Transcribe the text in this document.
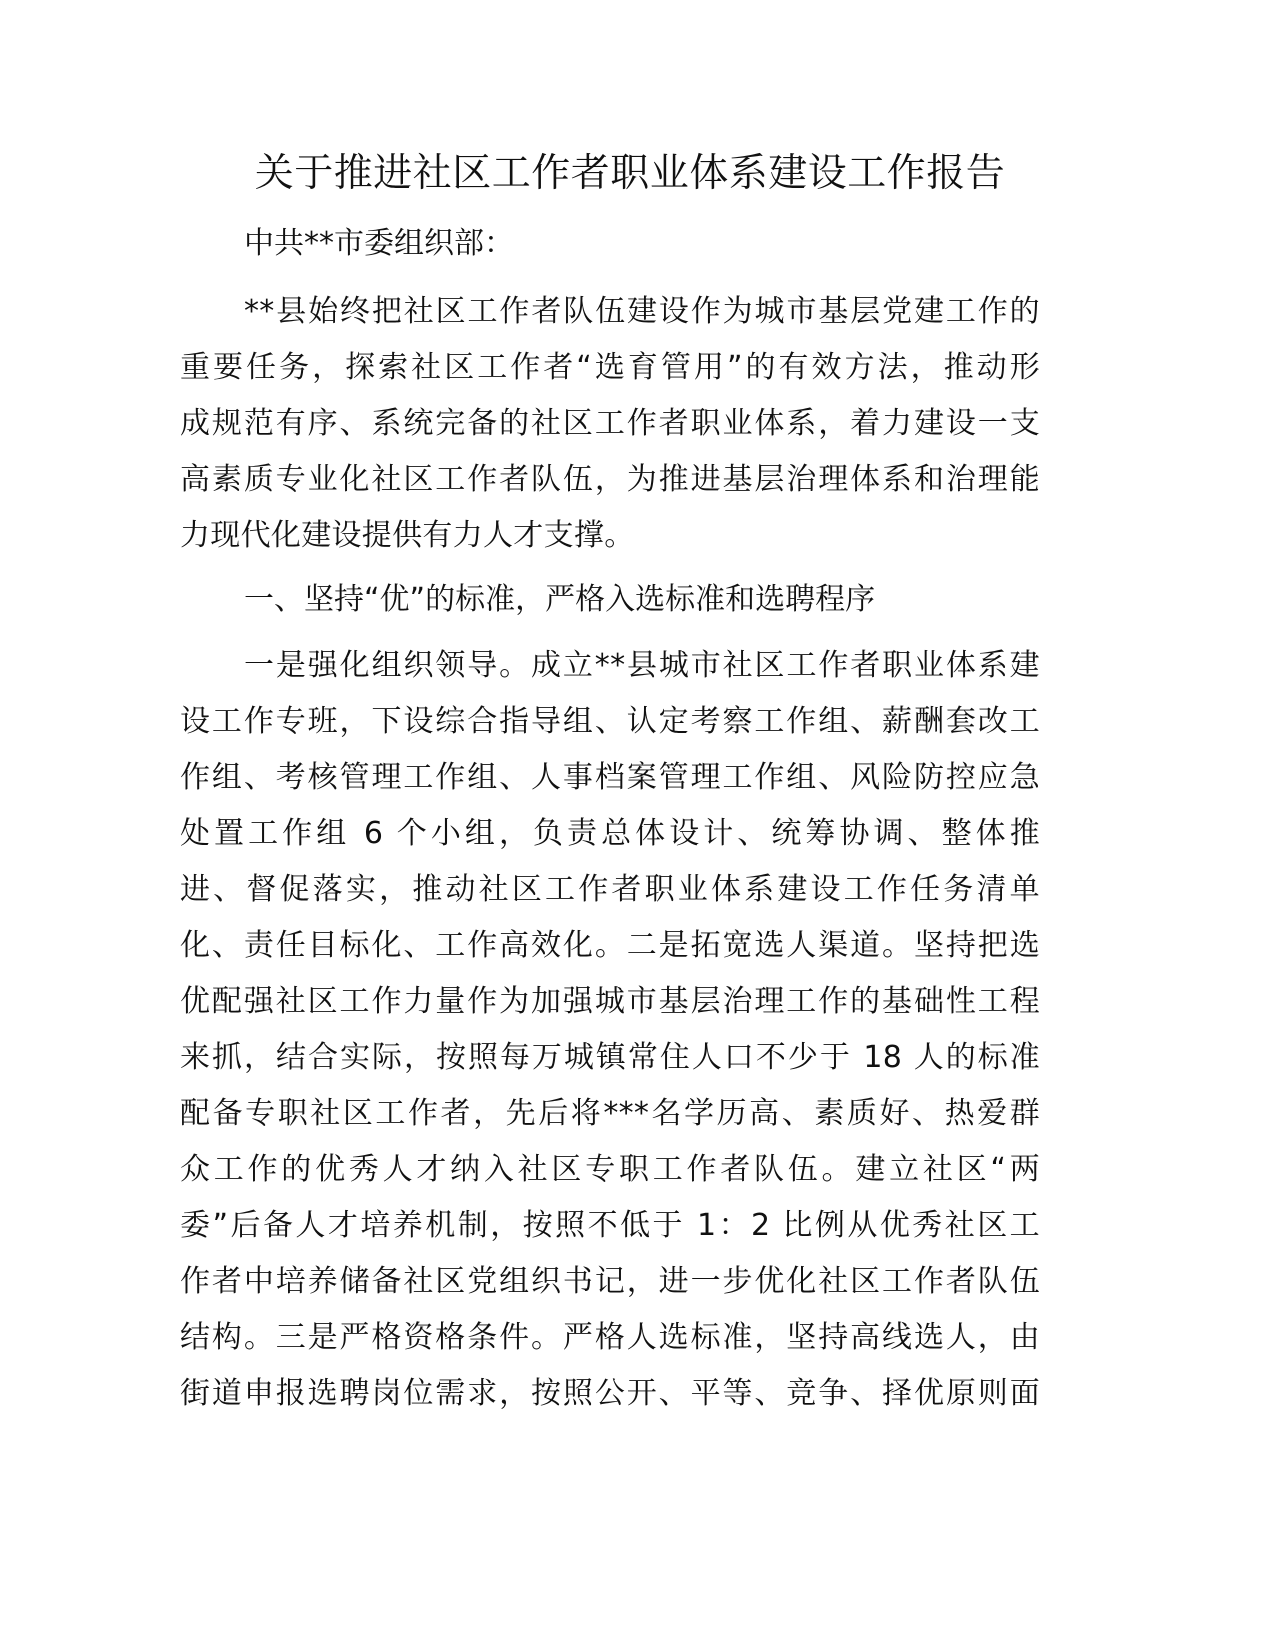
关于推进社区工作者职业体系建设工作报告
中共**市委组织部：
**县始终把社区工作者队伍建设作为城市基层党建工作的
重要任务，探索社区工作者“选育管用”的有效方法，推动形
成规范有序、系统完备的社区工作者职业体系，着力建设一支
高素质专业化社区工作者队伍，为推进基层治理体系和治理能
力现代化建设提供有力人才支撑。
一、坚持“优”的标准，严格入选标准和选聘程序
一是强化组织领导。成立**县城市社区工作者职业体系建
设工作专班，下设综合指导组、认定考察工作组、薪酬套改工
作组、考核管理工作组、人事档案管理工作组、风险防控应急
处置工作组 6 个小组，负责总体设计、统筹协调、整体推
进、督促落实，推动社区工作者职业体系建设工作任务清单
化、责任目标化、工作高效化。二是拓宽选人渠道。坚持把选
优配强社区工作力量作为加强城市基层治理工作的基础性工程
来抓，结合实际，按照每万城镇常住人口不少于 18 人的标准
配备专职社区工作者，先后将***名学历高、素质好、热爱群
众工作的优秀人才纳入社区专职工作者队伍。建立社区“两
委”后备人才培养机制，按照不低于 1：2 比例从优秀社区工
作者中培养储备社区党组织书记，进一步优化社区工作者队伍
结构。三是严格资格条件。严格人选标准，坚持高线选人，由
街道申报选聘岗位需求，按照公开、平等、竞争、择优原则面
